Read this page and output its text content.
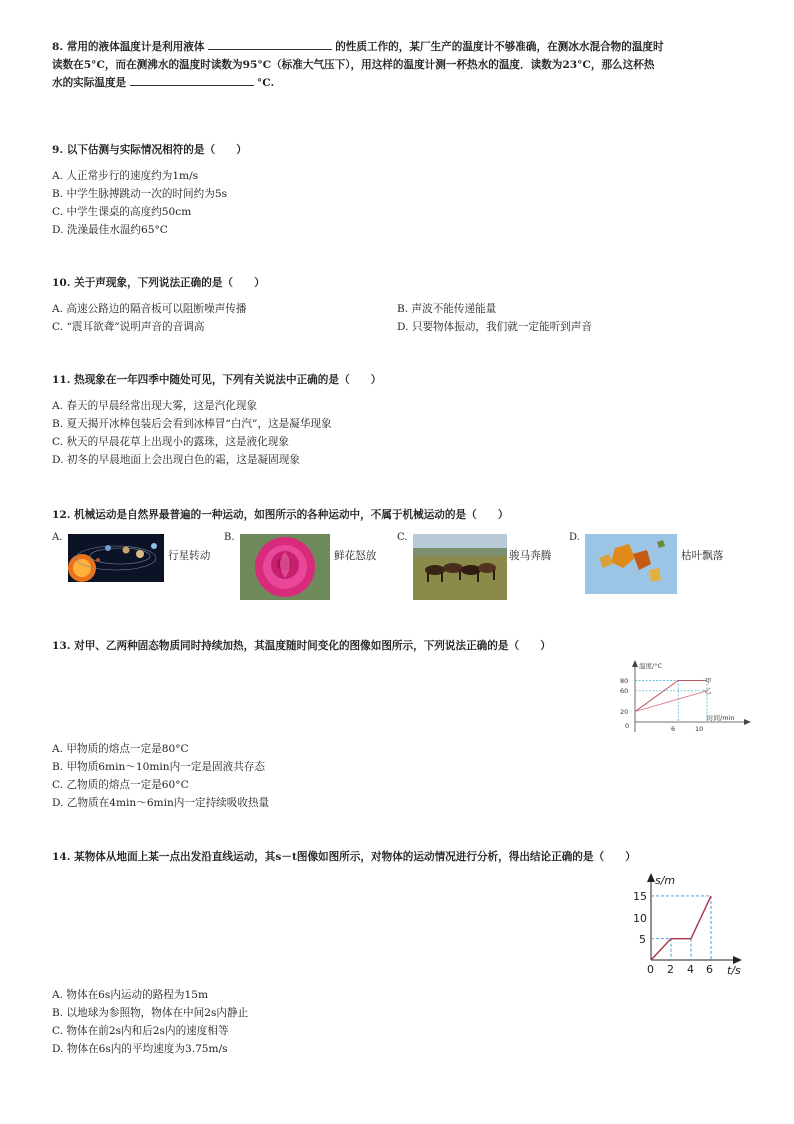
8. 常用的液体温度计是利用液体	的性质工作的，某厂生产的温度计不够准确，在测冰水混合物的温度时
读数在5°C，而在测沸水的温度时读数为95°C（标准大气压下），用这样的温度计测一杯热水的温度．读数为23°C，那么这杯热
水的实际温度是	°C.
9. 以下估测与实际情况相符的是（　　）
A. 人正常步行的速度约为1m/s
B. 中学生脉搏跳动一次的时间约为5s
C. 中学生课桌的高度约50cm
D. 洗澡最佳水温约65°C
10. 关于声现象，下列说法正确的是（　　）
A. 高速公路边的隔音板可以阻断噪声传播	B. 声波不能传递能量
C. “震耳欲聋”说明声音的音调高	D. 只要物体振动，我们就一定能听到声音
11. 热现象在一年四季中随处可见，下列有关说法中正确的是（　　）
A. 春天的早晨经常出现大雾，这是汽化现象
B. 夏天揭开冰棒包装后会看到冰棒冒“白汽”，这是凝华现象
C. 秋天的早晨花草上出现小的露珠，这是液化现象
D. 初冬的早晨地面上会出现白色的霜，这是凝固现象
12. 机械运动是自然界最普遍的一种运动，如图所示的各种运动中，不属于机械运动的是（　　）
A.
行星转动
B.
鲜花怒放
C.
骏马奔腾
D.
枯叶飘落
13. 对甲、乙两种固态物质同时持续加热，其温度随时间变化的图像如图所示，下列说法正确的是（　　）
温度/°C
时间/min
80
60
20
0	6	10
甲
乙
A. 甲物质的熔点一定是80°C
B. 甲物质6min～10min内一定是固液共存态
C. 乙物质的熔点一定是60°C
D. 乙物质在4min～6min内一定持续吸收热量
14. 某物体从地面上某一点出发沿直线运动，其s－t图像如图所示，对物体的运动情况进行分析，得出结论正确的是（　　）
s/m
t/s
15
10
5
0 2 4 6
A. 物体在6s内运动的路程为15m
B. 以地球为参照物，物体在中间2s内静止
C. 物体在前2s内和后2s内的速度相等
D. 物体在6s内的平均速度为3.75m/s
